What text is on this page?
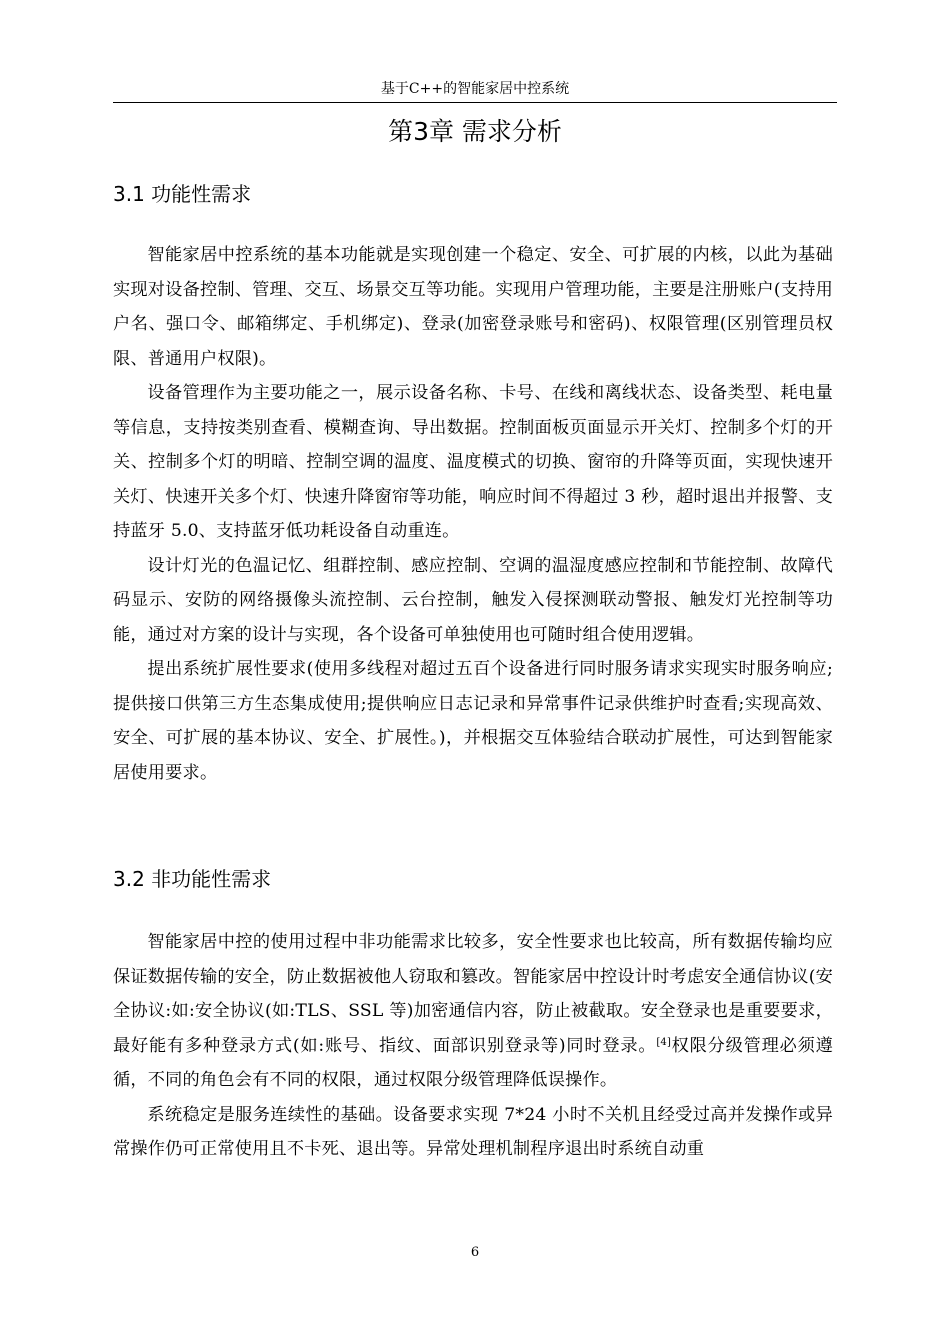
基于C++的智能家居中控系统
第3章 需求分析
3.1 功能性需求

智能家居中控系统的基本功能就是实现创建一个稳定、安全、可扩展的内核，以此为基础实现对设备控制、管理、交互、场景交互等功能。实现用户管理功能，主要是注册账户(支持用户名、强口令、邮箱绑定、手机绑定)、登录(加密登录账号和密码)、权限管理(区别管理员权限、普通用户权限)。

设备管理作为主要功能之一，展示设备名称、卡号、在线和离线状态、设备类型、耗电量等信息，支持按类别查看、模糊查询、导出数据。控制面板页面显示开关灯、控制多个灯的开关、控制多个灯的明暗、控制空调的温度、温度模式的切换、窗帘的升降等页面，实现快速开关灯、快速开关多个灯、快速升降窗帘等功能，响应时间不得超过 3 秒，超时退出并报警、支持蓝牙 5.0、支持蓝牙低功耗设备自动重连。

设计灯光的色温记忆、组群控制、感应控制、空调的温湿度感应控制和节能控制、故障代码显示、安防的网络摄像头流控制、云台控制，触发入侵探测联动警报、触发灯光控制等功能，通过对方案的设计与实现，各个设备可单独使用也可随时组合使用逻辑。

提出系统扩展性要求(使用多线程对超过五百个设备进行同时服务请求实现实时服务响应;提供接口供第三方生态集成使用;提供响应日志记录和异常事件记录供维护时查看;实现高效、安全、可扩展的基本协议、安全、扩展性。)，并根据交互体验结合联动扩展性，可达到智能家居使用要求。

3.2 非功能性需求

智能家居中控的使用过程中非功能需求比较多，安全性要求也比较高，所有数据传输均应保证数据传输的安全，防止数据被他人窃取和篡改。智能家居中控设计时考虑安全通信协议(安全协议:如:安全协议(如:TLS、SSL 等)加密通信内容，防止被截取。安全登录也是重要要求，最好能有多种登录方式(如:账号、指纹、面部识别登录等)同时登录。[4]权限分级管理必须遵循，不同的角色会有不同的权限，通过权限分级管理降低误操作。

系统稳定是服务连续性的基础。设备要求实现 7*24 小时不关机且经受过高并发操作或异常操作仍可正常使用且不卡死、退出等。异常处理机制程序退出时系统自动重

6
